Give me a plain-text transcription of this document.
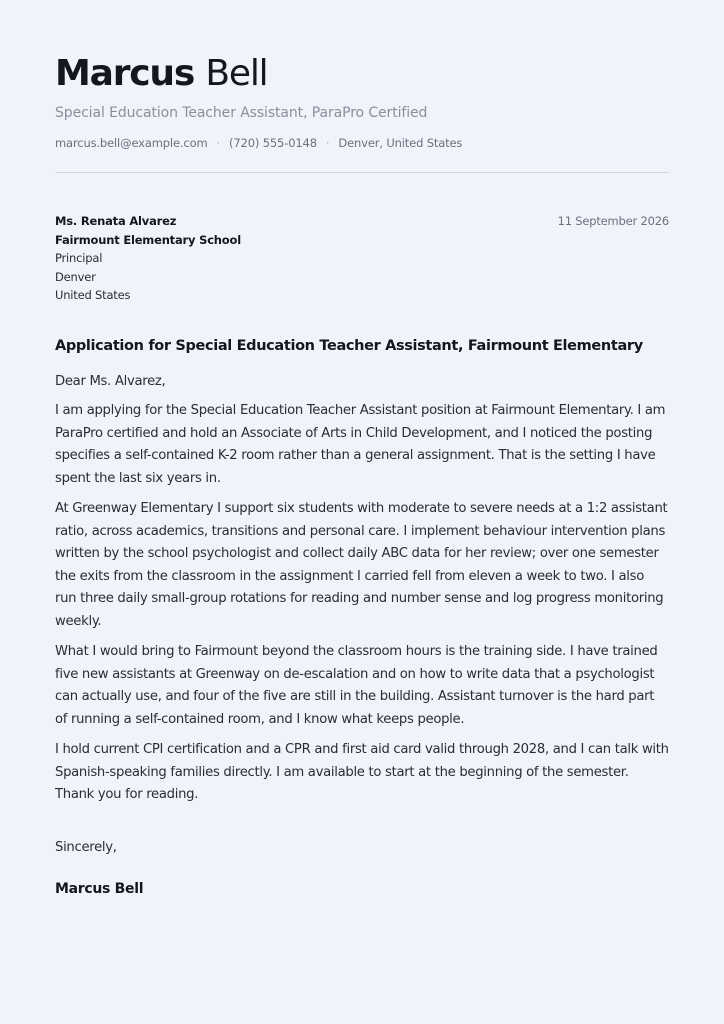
Marcus Bell
Special Education Teacher Assistant, ParaPro Certified
marcus.bell@example.com · (720) 555-0148 · Denver, United States
Ms. Renata Alvarez
Fairmount Elementary School
Principal
Denver
United States
11 September 2026
Application for Special Education Teacher Assistant, Fairmount Elementary
Dear Ms. Alvarez,
I am applying for the Special Education Teacher Assistant position at Fairmount Elementary. I am ParaPro certified and hold an Associate of Arts in Child Development, and I noticed the posting specifies a self-contained K-2 room rather than a general assignment. That is the setting I have spent the last six years in.
At Greenway Elementary I support six students with moderate to severe needs at a 1:2 assistant ratio, across academics, transitions and personal care. I implement behaviour intervention plans written by the school psychologist and collect daily ABC data for her review; over one semester the exits from the classroom in the assignment I carried fell from eleven a week to two. I also run three daily small-group rotations for reading and number sense and log progress monitoring weekly.
What I would bring to Fairmount beyond the classroom hours is the training side. I have trained five new assistants at Greenway on de-escalation and on how to write data that a psychologist can actually use, and four of the five are still in the building. Assistant turnover is the hard part of running a self-contained room, and I know what keeps people.
I hold current CPI certification and a CPR and first aid card valid through 2028, and I can talk with Spanish-speaking families directly. I am available to start at the beginning of the semester. Thank you for reading.
Sincerely,
Marcus Bell
